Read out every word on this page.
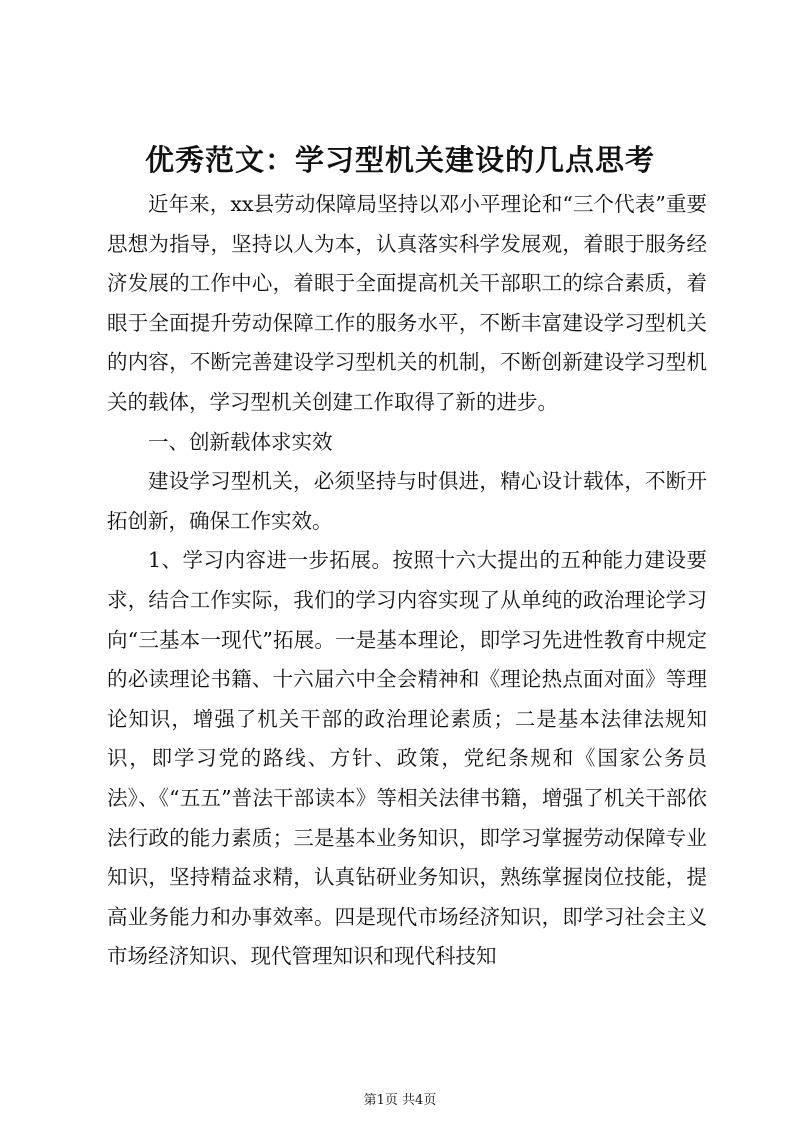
优秀范文：学习型机关建设的几点思考

近年来，xx县劳动保障局坚持以邓小平理论和“三个代表”重要思想为指导，坚持以人为本，认真落实科学发展观，着眼于服务经济发展的工作中心，着眼于全面提高机关干部职工的综合素质，着眼于全面提升劳动保障工作的服务水平，不断丰富建设学习型机关的内容，不断完善建设学习型机关的机制，不断创新建设学习型机关的载体，学习型机关创建工作取得了新的进步。

一、创新载体求实效

建设学习型机关，必须坚持与时俱进，精心设计载体，不断开拓创新，确保工作实效。

1、学习内容进一步拓展。按照十六大提出的五种能力建设要求，结合工作实际，我们的学习内容实现了从单纯的政治理论学习向“三基本一现代”拓展。一是基本理论，即学习先进性教育中规定的必读理论书籍、十六届六中全会精神和《理论热点面对面》等理论知识，增强了机关干部的政治理论素质；二是基本法律法规知识，即学习党的路线、方针、政策，党纪条规和《国家公务员法》、《“五五”普法干部读本》等相关法律书籍，增强了机关干部依法行政的能力素质；三是基本业务知识，即学习掌握劳动保障专业知识，坚持精益求精，认真钻研业务知识，熟练掌握岗位技能，提高业务能力和办事效率。四是现代市场经济知识，即学习社会主义市场经济知识、现代管理知识和现代科技知

第1页 共4页
